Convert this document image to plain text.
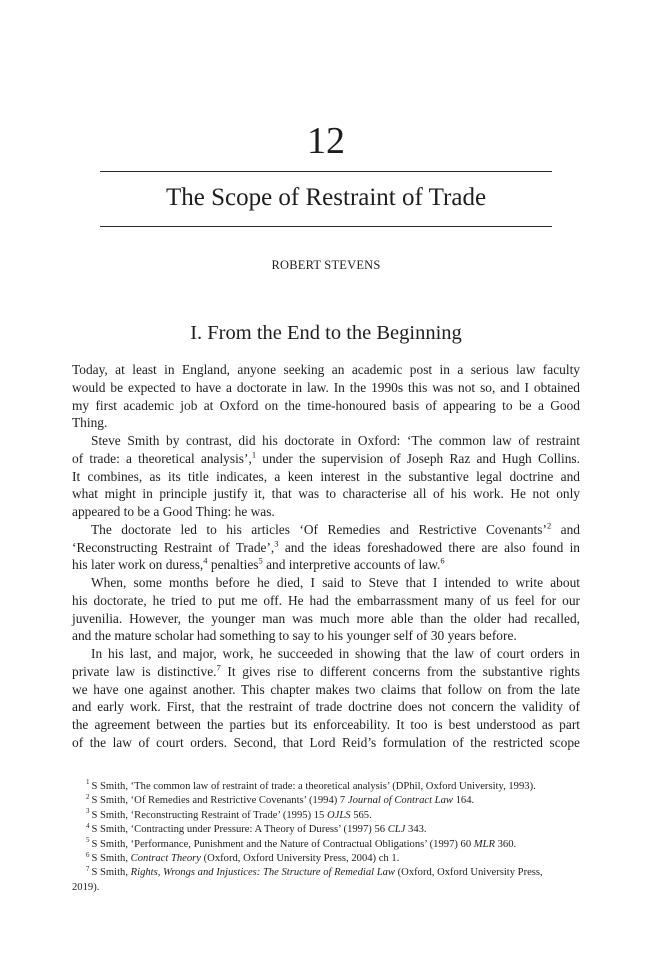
12
The Scope of Restraint of Trade
ROBERT STEVENS
I. From the End to the Beginning
Today, at least in England, anyone seeking an academic post in a serious law faculty
would be expected to have a doctorate in law. In the 1990s this was not so, and I obtained
my first academic job at Oxford on the time-honoured basis of appearing to be a Good
Thing.
Steve Smith by contrast, did his doctorate in Oxford: ‘The common law of restraint
of trade: a theoretical analysis’,$^1$ under the supervision of Joseph Raz and Hugh Collins.
It combines, as its title indicates, a keen interest in the substantive legal doctrine and
what might in principle justify it, that was to characterise all of his work. He not only
appeared to be a Good Thing: he was.
The doctorate led to his articles ‘Of Remedies and Restrictive Covenants’$^2$ and
‘Reconstructing Restraint of Trade’,$^3$ and the ideas foreshadowed there are also found in
his later work on duress,$^4$ penalties$^5$ and interpretive accounts of law.$^6$
When, some months before he died, I said to Steve that I intended to write about
his doctorate, he tried to put me off. He had the embarrassment many of us feel for our
juvenilia. However, the younger man was much more able than the older had recalled,
and the mature scholar had something to say to his younger self of 30 years before.
In his last, and major, work, he succeeded in showing that the law of court orders in
private law is distinctive.$^7$ It gives rise to different concerns from the substantive rights
we have one against another. This chapter makes two claims that follow on from the late
and early work. First, that the restraint of trade doctrine does not concern the validity of
the agreement between the parties but its enforceability. It too is best understood as part
of the law of court orders. Second, that Lord Reid’s formulation of the restricted scope
$^1$ S Smith, ‘The common law of restraint of trade: a theoretical analysis’ (DPhil, Oxford University, 1993).
$^2$ S Smith, ‘Of Remedies and Restrictive Covenants’ (1994) 7 Journal of Contract Law 164.
$^3$ S Smith, ‘Reconstructing Restraint of Trade’ (1995) 15 OJLS 565.
$^4$ S Smith, ‘Contracting under Pressure: A Theory of Duress’ (1997) 56 CLJ 343.
$^5$ S Smith, ‘Performance, Punishment and the Nature of Contractual Obligations’ (1997) 60 MLR 360.
$^6$ S Smith, Contract Theory (Oxford, Oxford University Press, 2004) ch 1.
$^7$ S Smith, Rights, Wrongs and Injustices: The Structure of Remedial Law (Oxford, Oxford University Press,
2019).
